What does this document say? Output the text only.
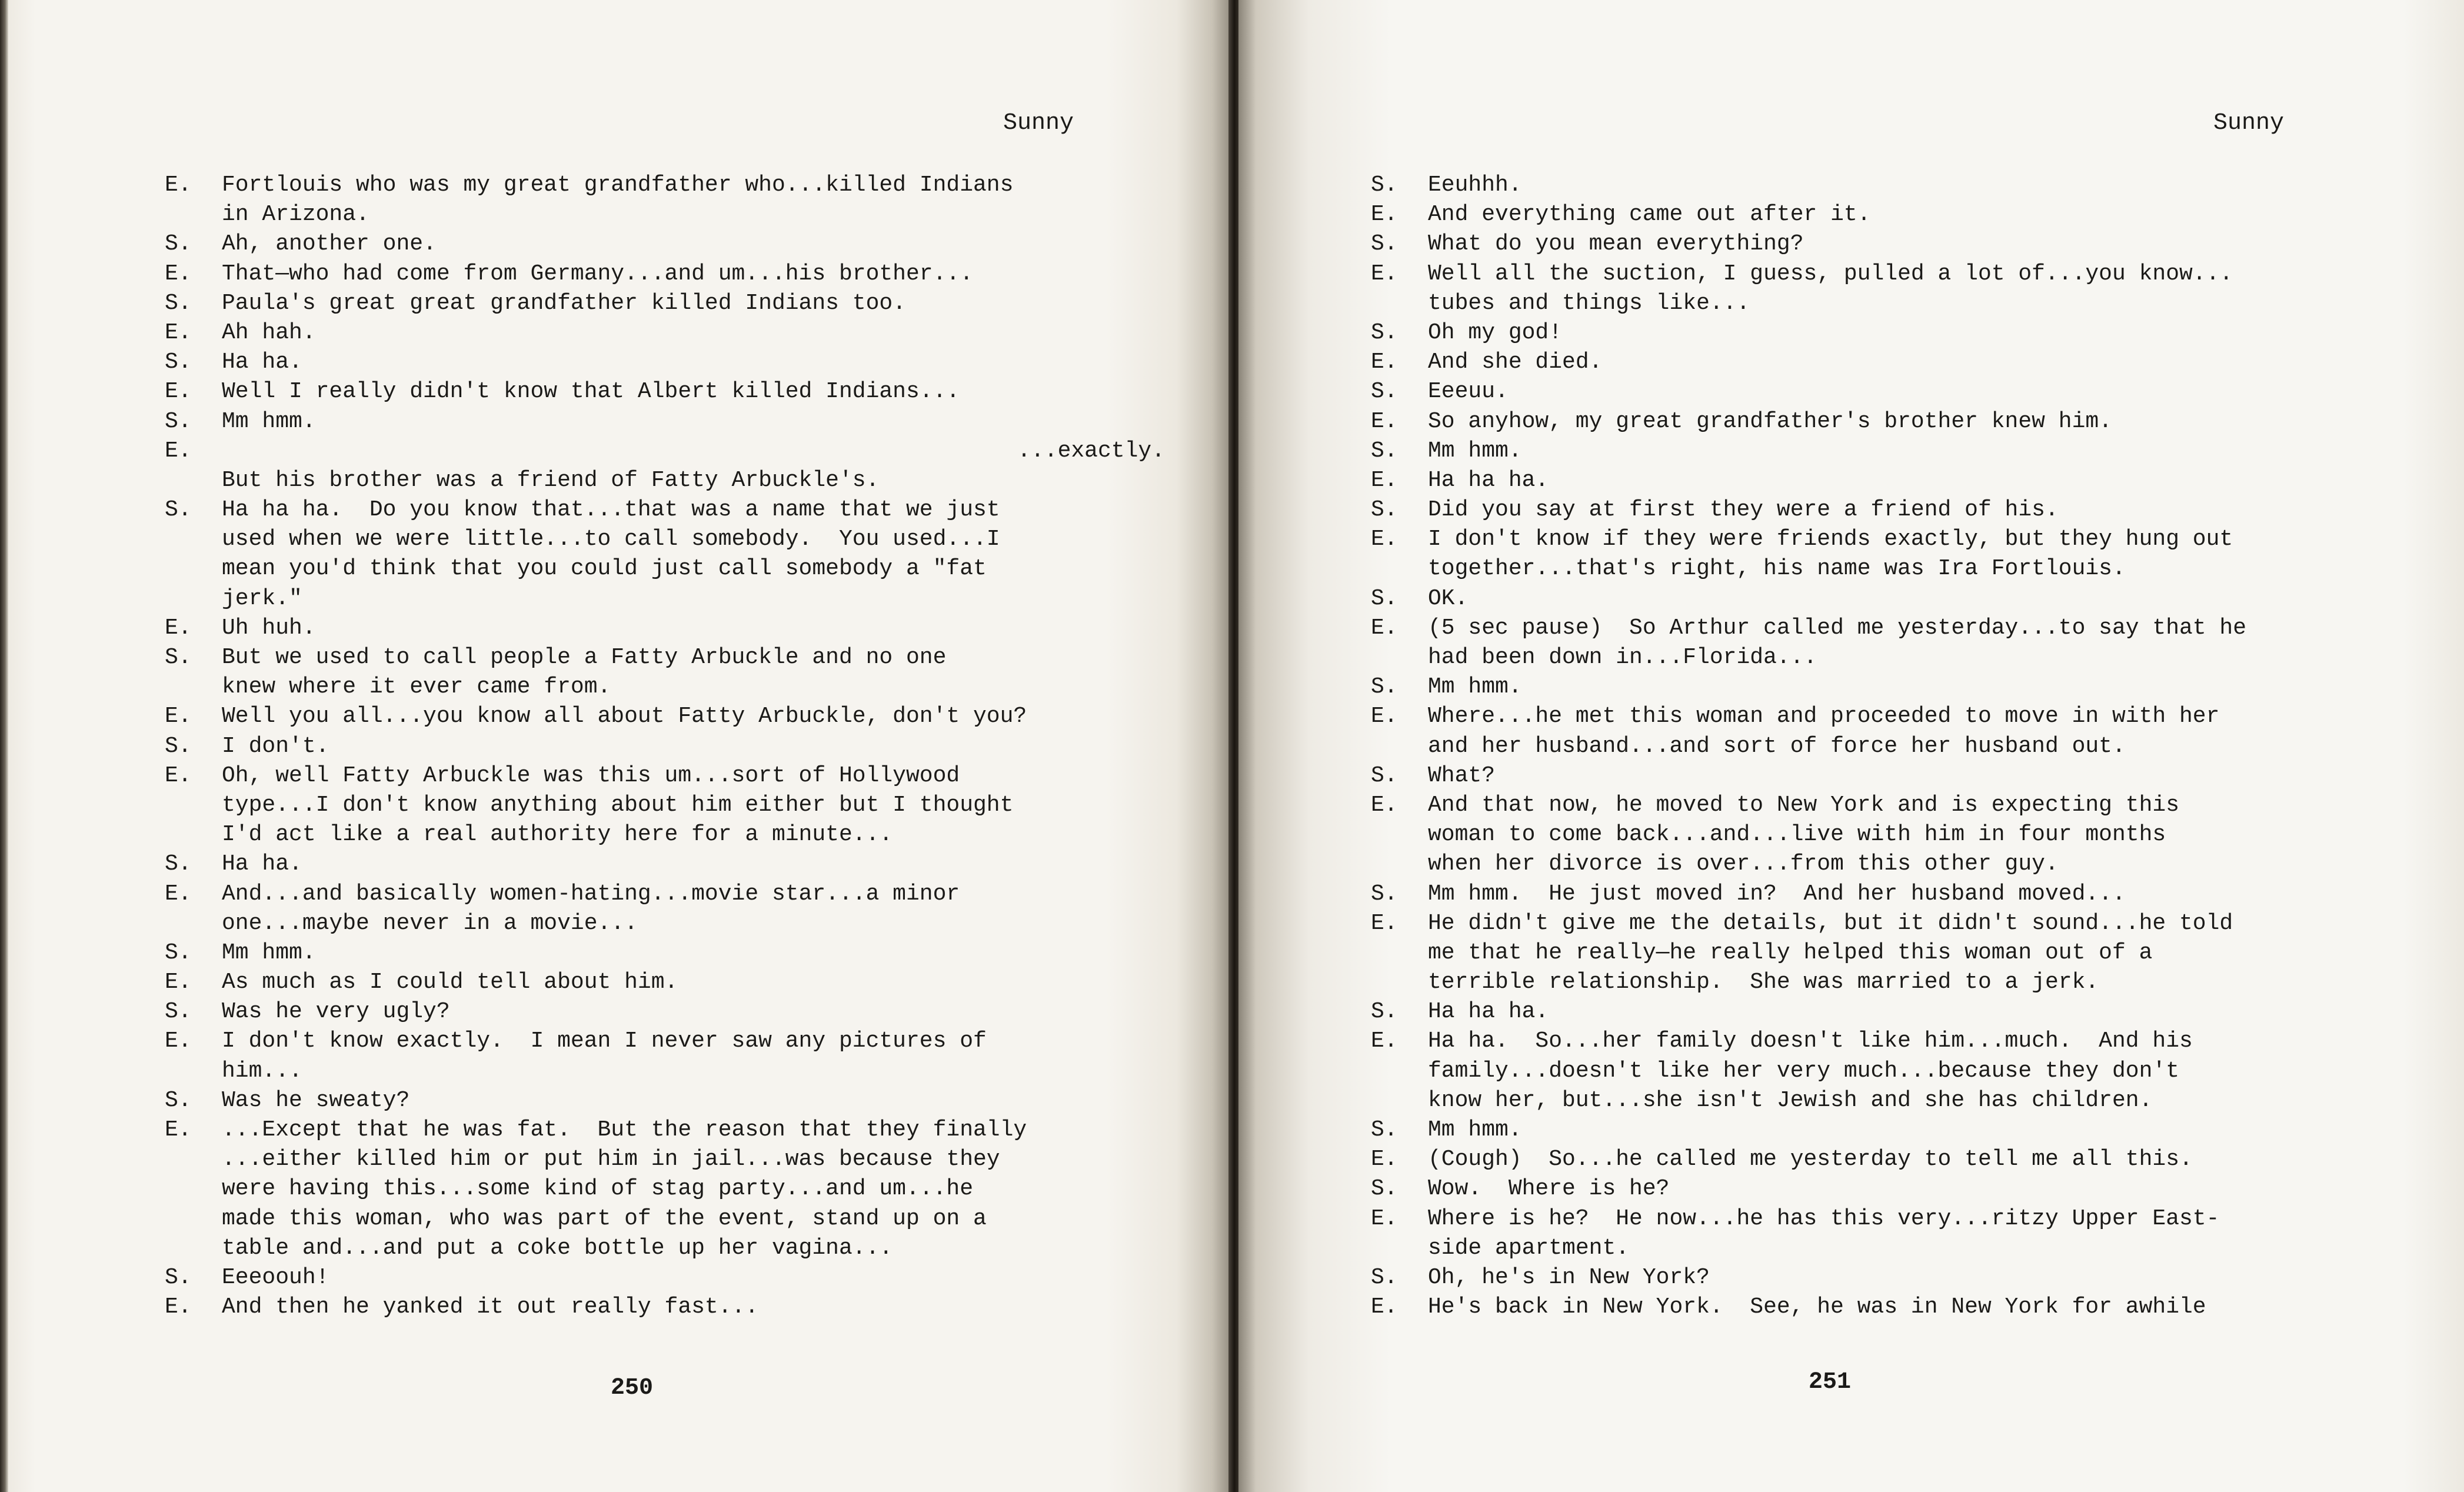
Sunny
E.	Fortlouis who was my great grandfather who...killed Indians
in Arizona.
S.	Ah, another one.
E.	That—who had come from Germany...and um...his brother...
S.	Paula's great great grandfather killed Indians too.
E.	Ah hah.
S.	Ha ha.
E.	Well I really didn't know that Albert killed Indians...
S.	Mm hmm.
E.	...exactly.
But his brother was a friend of Fatty Arbuckle's.
S.	Ha ha ha.  Do you know that...that was a name that we just
used when we were little...to call somebody.  You used...I
mean you'd think that you could just call somebody a "fat
jerk."
E.	Uh huh.
S.	But we used to call people a Fatty Arbuckle and no one
knew where it ever came from.
E.	Well you all...you know all about Fatty Arbuckle, don't you?
S.	I don't.
E.	Oh, well Fatty Arbuckle was this um...sort of Hollywood
type...I don't know anything about him either but I thought
I'd act like a real authority here for a minute...
S.	Ha ha.
E.	And...and basically women-hating...movie star...a minor
one...maybe never in a movie...
S.	Mm hmm.
E.	As much as I could tell about him.
S.	Was he very ugly?
E.	I don't know exactly.  I mean I never saw any pictures of
him...
S.	Was he sweaty?
E.	...Except that he was fat.  But the reason that they finally
...either killed him or put him in jail...was because they
were having this...some kind of stag party...and um...he
made this woman, who was part of the event, stand up on a
table and...and put a coke bottle up her vagina...
S.	Eeeoouh!
E.	And then he yanked it out really fast...
250
Sunny
S.	Eeuhhh.
E.	And everything came out after it.
S.	What do you mean everything?
E.	Well all the suction, I guess, pulled a lot of...you know...
tubes and things like...
S.	Oh my god!
E.	And she died.
S.	Eeeuu.
E.	So anyhow, my great grandfather's brother knew him.
S.	Mm hmm.
E.	Ha ha ha.
S.	Did you say at first they were a friend of his.
E.	I don't know if they were friends exactly, but they hung out
together...that's right, his name was Ira Fortlouis.
S.	OK.
E.	(5 sec pause)  So Arthur called me yesterday...to say that he
had been down in...Florida...
S.	Mm hmm.
E.	Where...he met this woman and proceeded to move in with her
and her husband...and sort of force her husband out.
S.	What?
E.	And that now, he moved to New York and is expecting this
woman to come back...and...live with him in four months
when her divorce is over...from this other guy.
S.	Mm hmm.  He just moved in?  And her husband moved...
E.	He didn't give me the details, but it didn't sound...he told
me that he really—he really helped this woman out of a
terrible relationship.  She was married to a jerk.
S.	Ha ha ha.
E.	Ha ha.  So...her family doesn't like him...much.  And his
family...doesn't like her very much...because they don't
know her, but...she isn't Jewish and she has children.
S.	Mm hmm.
E.	(Cough)  So...he called me yesterday to tell me all this.
S.	Wow.  Where is he?
E.	Where is he?  He now...he has this very...ritzy Upper East-
side apartment.
S.	Oh, he's in New York?
E.	He's back in New York.  See, he was in New York for awhile
251
